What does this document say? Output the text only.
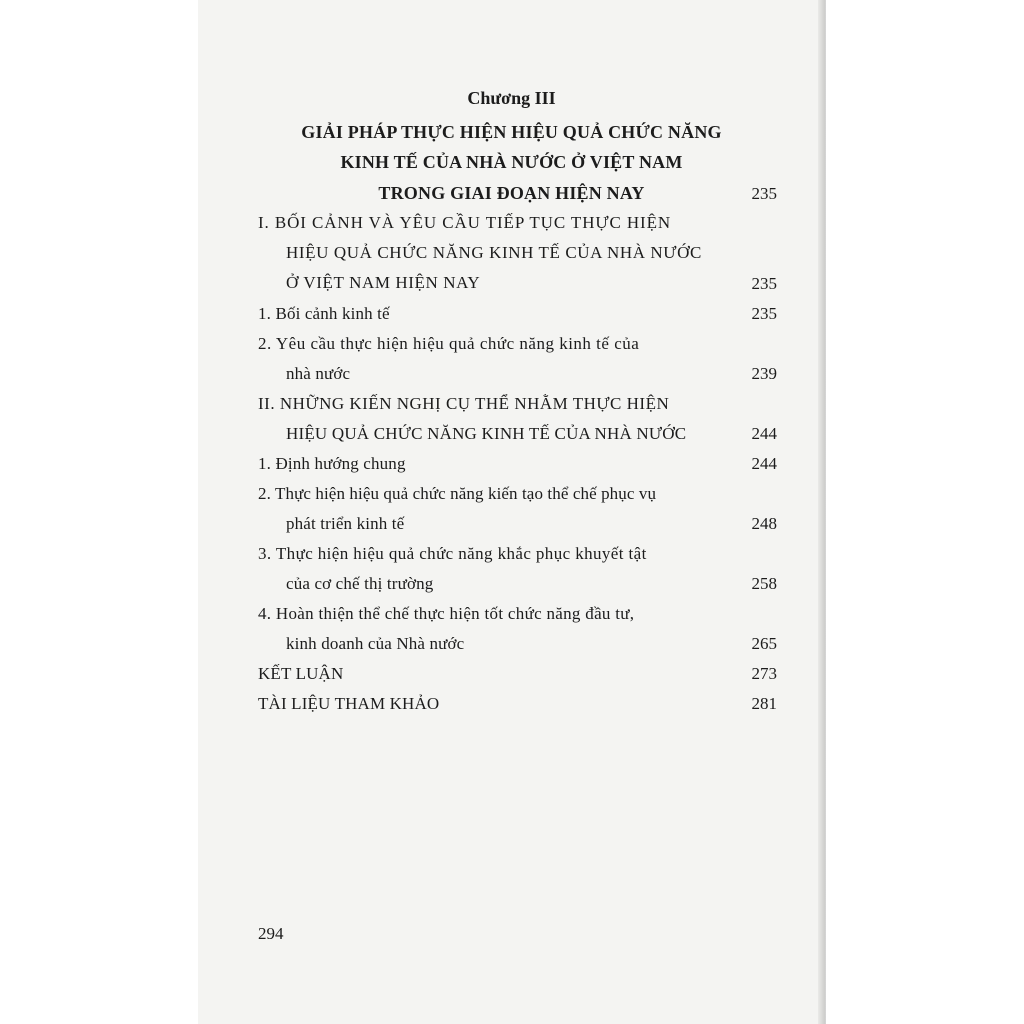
Chương III
GIẢI PHÁP THỰC HIỆN HIỆU QUẢ CHỨC NĂNG
KINH TẾ CỦA NHÀ NƯỚC Ở VIỆT NAM
TRONG GIAI ĐOẠN HIỆN NAY	235
I. BỐI CẢNH VÀ YÊU CẦU TIẾP TỤC THỰC HIỆN
HIỆU QUẢ CHỨC NĂNG KINH TẾ CỦA NHÀ NƯỚC
Ở VIỆT NAM HIỆN NAY	235
1. Bối cảnh kinh tế	235
2. Yêu cầu thực hiện hiệu quả chức năng kinh tế của
nhà nước	239
II. NHỮNG KIẾN NGHỊ CỤ THỂ NHẰM THỰC HIỆN
HIỆU QUẢ CHỨC NĂNG KINH TẾ CỦA NHÀ NƯỚC	244
1. Định hướng chung	244
2. Thực hiện hiệu quả chức năng kiến tạo thể chế phục vụ
phát triển kinh tế	248
3. Thực hiện hiệu quả chức năng khắc phục khuyết tật
của cơ chế thị trường	258
4. Hoàn thiện thể chế thực hiện tốt chức năng đầu tư,
kinh doanh của Nhà nước	265
KẾT LUẬN	273
TÀI LIỆU THAM KHẢO	281
294
